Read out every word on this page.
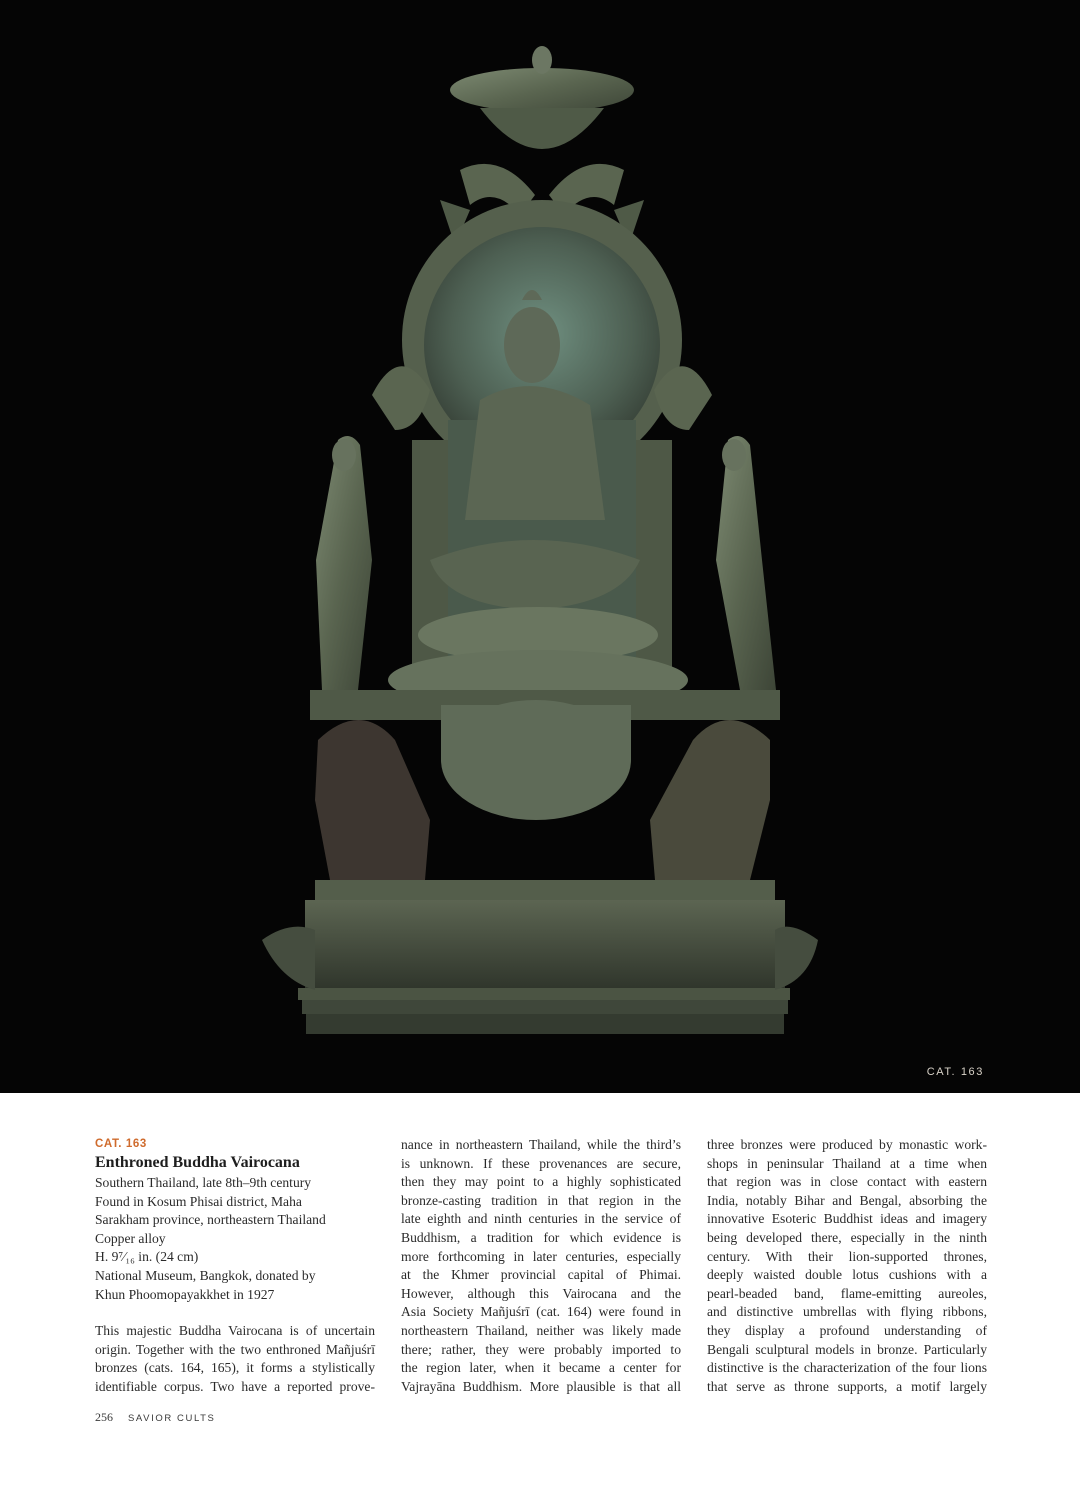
CAT. 163
CAT. 163
Enthroned Buddha Vairocana
Southern Thailand, late 8th–9th century
Found in Kosum Phisai district, Maha
Sarakham province, northeastern Thailand
Copper alloy
H. 9⁷⁄₁₆ in. (24 cm)
National Museum, Bangkok, donated by
Khun Phoomopayakkhet in 1927
This majestic Buddha Vairocana is of uncertain
origin. Together with the two enthroned Mañjuśrī
bronzes (cats. 164, 165), it forms a stylistically
identifiable corpus. Two have a reported prove-
nance in northeastern Thailand, while the third’s
is unknown. If these provenances are secure,
then they may point to a highly sophisticated
bronze-casting tradition in that region in the
late eighth and ninth centuries in the service of
Buddhism, a tradition for which evidence is
more forthcoming in later centuries, especially
at the Khmer provincial capital of Phimai.
However, although this Vairocana and the
Asia Society Mañjuśrī (cat. 164) were found in
northeastern Thailand, neither was likely made
there; rather, they were probably imported to
the region later, when it became a center for
Vajrayāna Buddhism. More plausible is that all
three bronzes were produced by monastic work-
shops in peninsular Thailand at a time when
that region was in close contact with eastern
India, notably Bihar and Bengal, absorbing the
innovative Esoteric Buddhist ideas and imagery
being developed there, especially in the ninth
century. With their lion-supported thrones,
deeply waisted double lotus cushions with a
pearl-beaded band, flame-emitting aureoles,
and distinctive umbrellas with flying ribbons,
they display a profound understanding of
Bengali sculptural models in bronze. Particularly
distinctive is the characterization of the four lions
that serve as throne supports, a motif largely
256 SAVIOR CULTS
